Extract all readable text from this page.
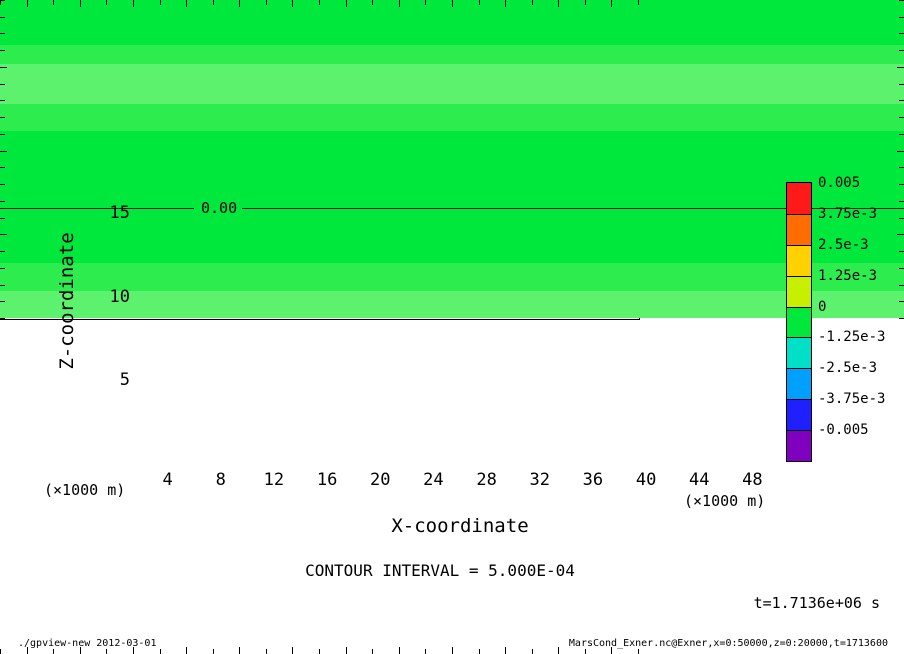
0.00
Z-coordinate
X-coordinate
(×1000 m)
(×1000 m)
CONTOUR INTERVAL = 5.000E-04
t=1.7136e+06 s
./gpview-new 2012-03-01	MarsCond_Exner.nc@Exner,x=0:50000,z=0:20000,t=1713600
4	8	12	16	20	24	28	32	36	40	44	48
5
10
15
0.005
3.75e-3
2.5e-3
1.25e-3
0
-1.25e-3
-2.5e-3
-3.75e-3
-0.005
